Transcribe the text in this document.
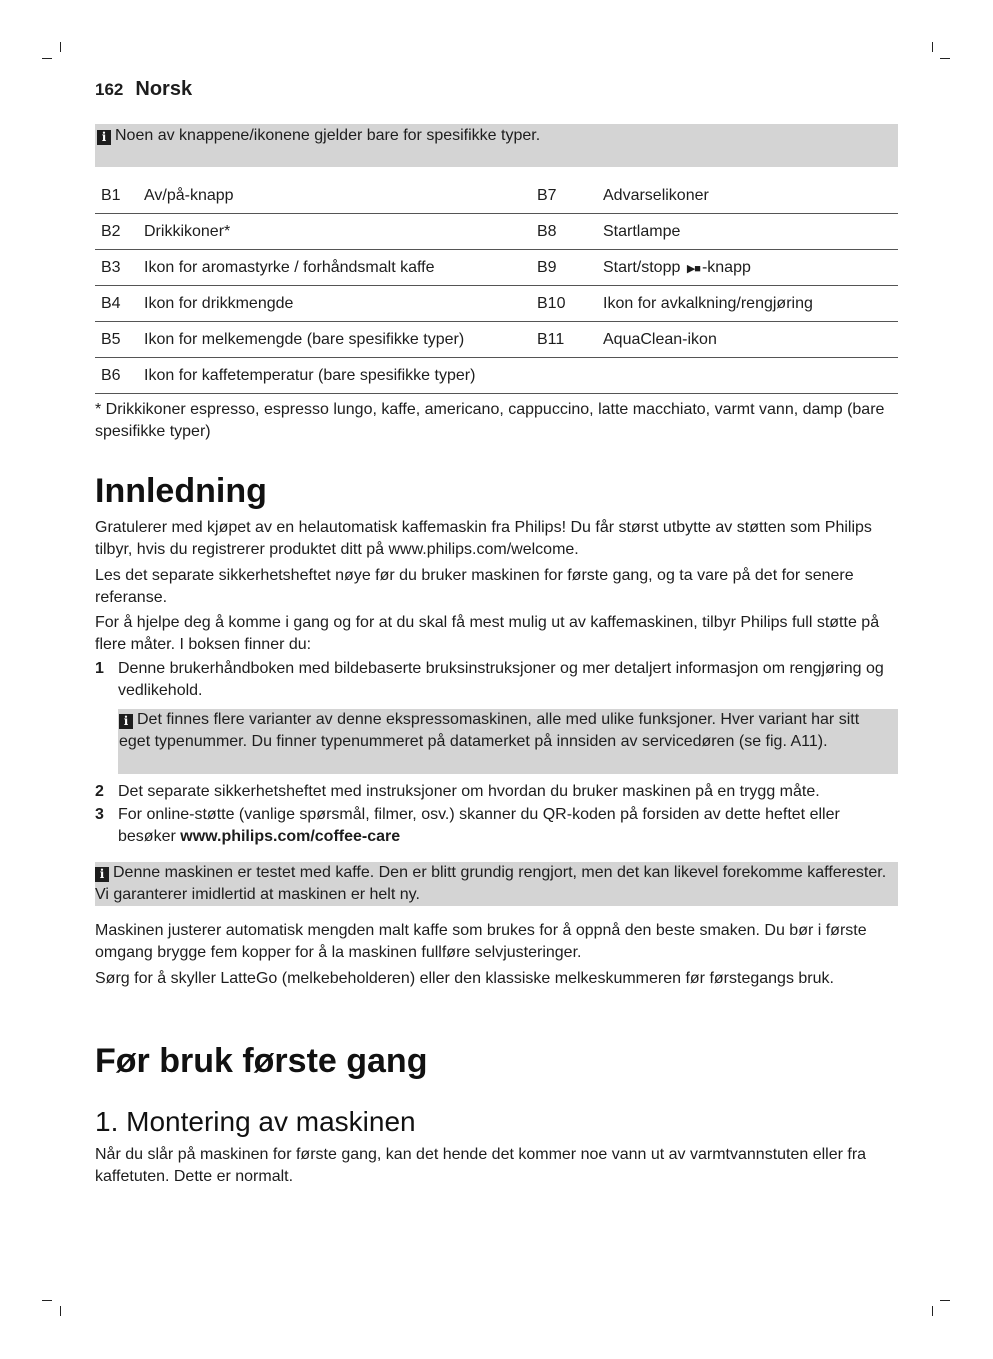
162 Norsk
i Noen av knappene/ikonene gjelder bare for spesifikke typer.
B1	Av/på-knapp	B7	Advarselikoner
B2	Drikkikoner*	B8	Startlampe
B3	Ikon for aromastyrke / forhåndsmalt kaffe	B9	Start/stopp ▶■ -knapp
B4	Ikon for drikkmengde	B10	Ikon for avkalkning/rengjøring
B5	Ikon for melkemengde (bare spesifikke typer)	B11	AquaClean-ikon
B6	Ikon for kaffetemperatur (bare spesifikke typer)		
* Drikkikoner espresso, espresso lungo, kaffe, americano, cappuccino, latte macchiato, varmt vann, damp (bare spesifikke typer)
Innledning
Gratulerer med kjøpet av en helautomatisk kaffemaskin fra Philips! Du får størst utbytte av støtten som Philips tilbyr, hvis du registrerer produktet ditt på www.philips.com/welcome.
Les det separate sikkerhetsheftet nøye før du bruker maskinen for første gang, og ta vare på det for senere referanse.
For å hjelpe deg å komme i gang og for at du skal få mest mulig ut av kaffemaskinen, tilbyr Philips full støtte på flere måter. I boksen finner du:
1 Denne brukerhåndboken med bildebaserte bruksinstruksjoner og mer detaljert informasjon om rengjøring og vedlikehold.
i Det finnes flere varianter av denne ekspressomaskinen, alle med ulike funksjoner. Hver variant har sitt eget typenummer. Du finner typenummeret på datamerket på innsiden av servicedøren (se fig. A11).
2 Det separate sikkerhetsheftet med instruksjoner om hvordan du bruker maskinen på en trygg måte.
3 For online-støtte (vanlige spørsmål, filmer, osv.) skanner du QR-koden på forsiden av dette heftet eller besøker www.philips.com/coffee-care
i Denne maskinen er testet med kaffe. Den er blitt grundig rengjort, men det kan likevel forekomme kafferester. Vi garanterer imidlertid at maskinen er helt ny.
Maskinen justerer automatisk mengden malt kaffe som brukes for å oppnå den beste smaken. Du bør i første omgang brygge fem kopper for å la maskinen fullføre selvjusteringer.
Sørg for å skyller LatteGo (melkebeholderen) eller den klassiske melkeskummeren før førstegangs bruk.
Før bruk første gang
1. Montering av maskinen
Når du slår på maskinen for første gang, kan det hende det kommer noe vann ut av varmtvannstuten eller fra kaffetuten. Dette er normalt.
